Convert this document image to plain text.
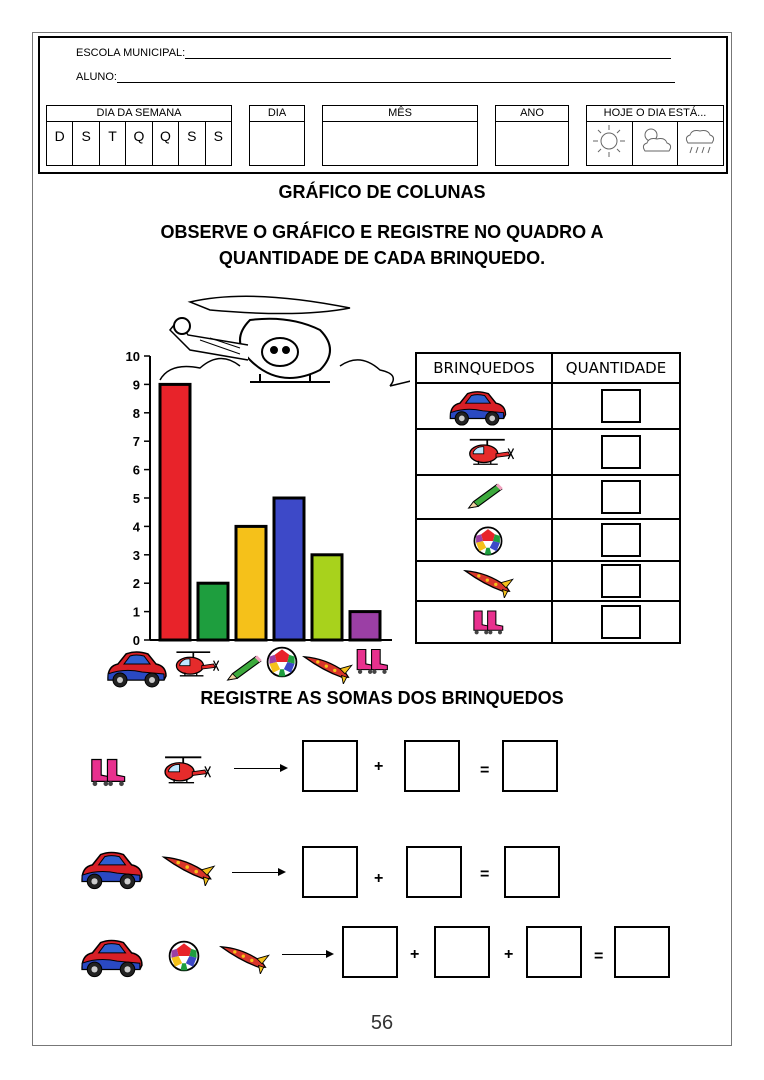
ESCOLA MUNICIPAL:
ALUNO:
DIA DA SEMANA
D	S	T	Q	Q	S	S
DIA	MÊS	ANO	HOJE O DIA ESTÁ...
GRÁFICO DE COLUNAS
OBSERVE O GRÁFICO E REGISTRE NO QUADRO A
QUANTIDADE DE CADA BRINQUEDO.
0
1
2
3
4
5
6
7
8
9
10
BRINQUEDOS	QUANTIDADE
REGISTRE AS SOMAS DOS BRINQUEDOS
+	=
+	=
+	+	=
56
